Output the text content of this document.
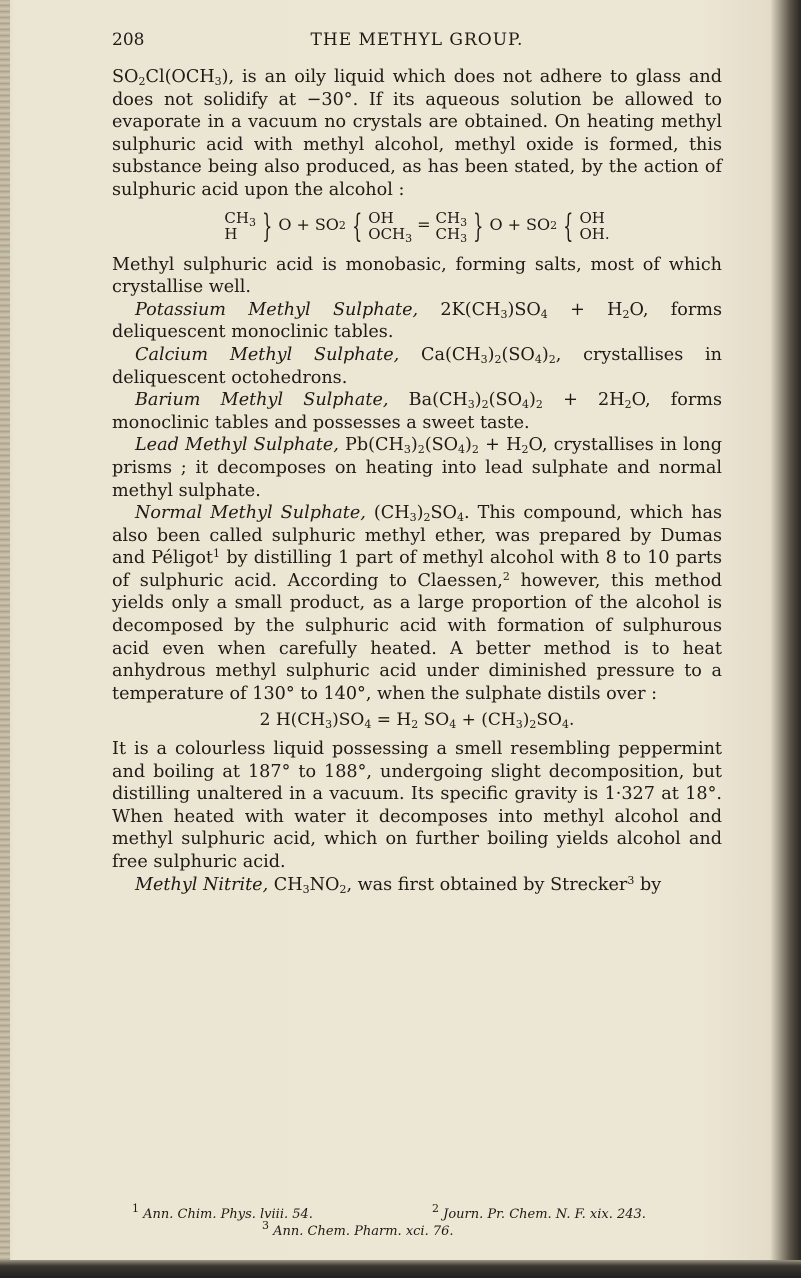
208	THE METHYL GROUP.

$SO_2Cl(OCH_3)$, is an oily liquid which does not adhere to glass and does not solidify at −30°. If its aqueous solution be allowed to evaporate in a vacuum no crystals are obtained. On heating methyl sulphuric acid with methyl alcohol, methyl oxide is formed, this substance being also produced, as has been stated, by the action of sulphuric acid upon the alcohol :

$CH_3$
H } O + SO 2 { OH
$OCH_3$
= $CH_3$
$CH_3$ } O + SO 2 { OH
OH.

Methyl sulphuric acid is monobasic, forming salts, most of which crystallise well.

Potassium Methyl Sulphate, $2K(CH_3)SO_4 + H_2O$, forms deliquescent monoclinic tables.

Calcium Methyl Sulphate, $Ca(CH_3)_2(SO_4)_2$, crystallises in deliquescent octohedrons.

Barium Methyl Sulphate, $Ba(CH_3)_2(SO_4)_2 + 2H_2O$, forms monoclinic tables and possesses a sweet taste.

Lead Methyl Sulphate, $Pb(CH_3)_2(SO_4)_2 + H_2O$, crystallises in long prisms ; it decomposes on heating into lead sulphate and normal methyl sulphate.

Normal Methyl Sulphate, $(CH_3)_2SO_4$. This compound, which has also been called sulphuric methyl ether, was prepared by Dumas and Péligot$^1$ by distilling 1 part of methyl alcohol with 8 to 10 parts of sulphuric acid. According to Claessen,$^2$ however, this method yields only a small product, as a large proportion of the alcohol is decomposed by the sulphuric acid with formation of sulphurous acid even when carefully heated. A better method is to heat anhydrous methyl sulphuric acid under diminished pressure to a temperature of 130° to 140°, when the sulphate distils over :

2 $H(CH_3)SO_4 = H_2$ $SO_4 + (CH_3)_2SO_4$.

It is a colourless liquid possessing a smell resembling peppermint and boiling at 187° to 188°, undergoing slight decomposition, but distilling unaltered in a vacuum. Its specific gravity is 1·327 at 18°. When heated with water it decomposes into methyl alcohol and methyl sulphuric acid, which on further boiling yields alcohol and free sulphuric acid.

Methyl Nitrite, $CH_3NO_2$, was first obtained by Strecker$^3$ by

$^1$ Ann. Chim. Phys. lviii. 54.	$^2$ Journ. Pr. Chem. N. F. xix. 243.
$^3$ Ann. Chem. Pharm. xci. 76.
